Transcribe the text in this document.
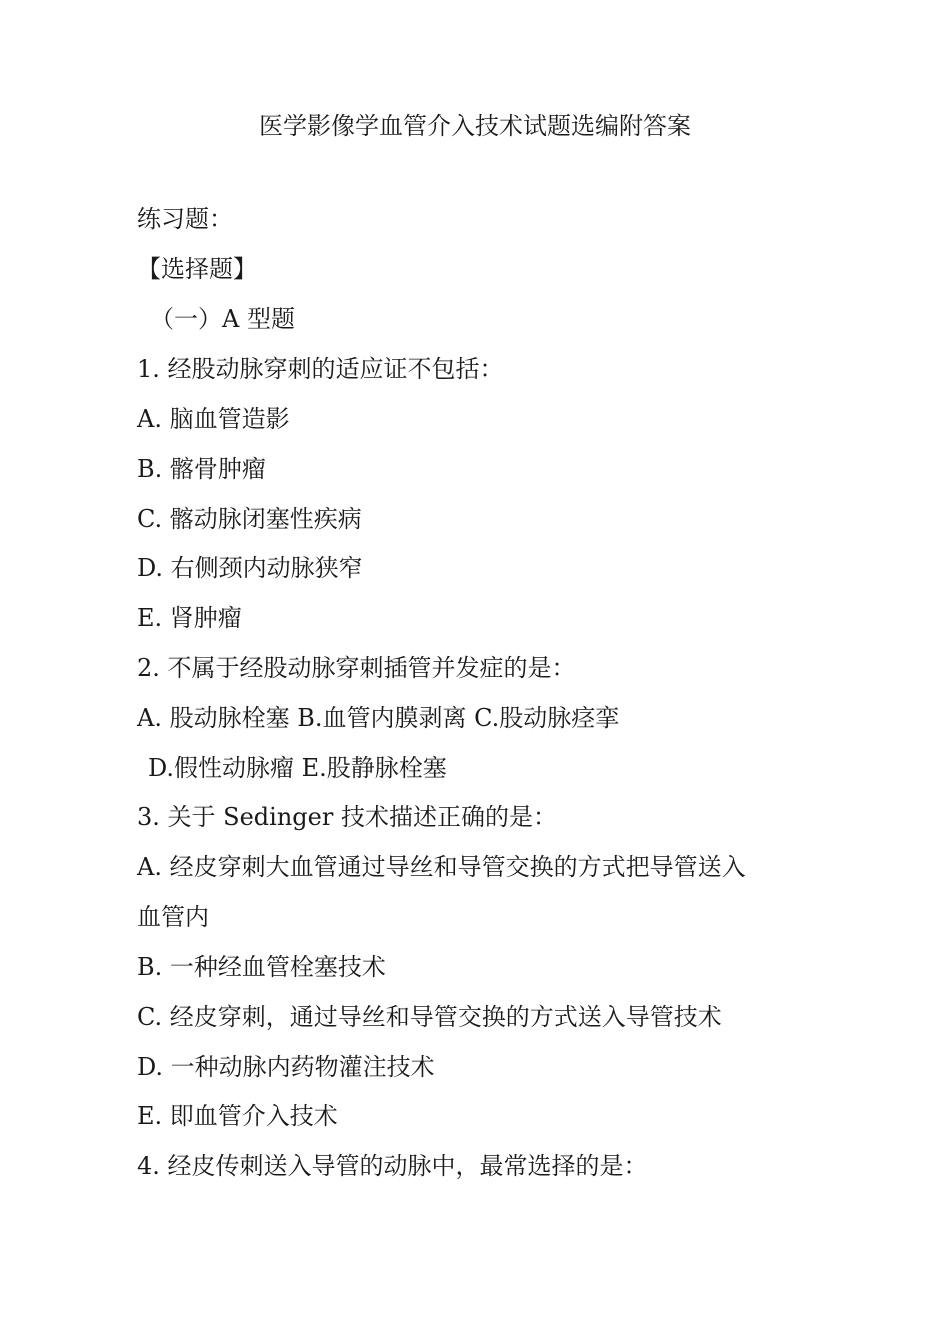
医学影像学血管介入技术试题选编附答案
练习题：
【选择题】
（一）A 型题
1. 经股动脉穿刺的适应证不包括：
A. 脑血管造影
B. 髂骨肿瘤
C. 髂动脉闭塞性疾病
D. 右侧颈内动脉狭窄
E. 肾肿瘤
2. 不属于经股动脉穿刺插管并发症的是：
A. 股动脉栓塞 B.血管内膜剥离 C.股动脉痉挛
D.假性动脉瘤 E.股静脉栓塞
3. 关于 Sedinger 技术描述正确的是：
A. 经皮穿刺大血管通过导丝和导管交换的方式把导管送入
血管内
B. 一种经血管栓塞技术
C. 经皮穿刺，通过导丝和导管交换的方式送入导管技术
D. 一种动脉内药物灌注技术
E. 即血管介入技术
4. 经皮传刺送入导管的动脉中，最常选择的是：
